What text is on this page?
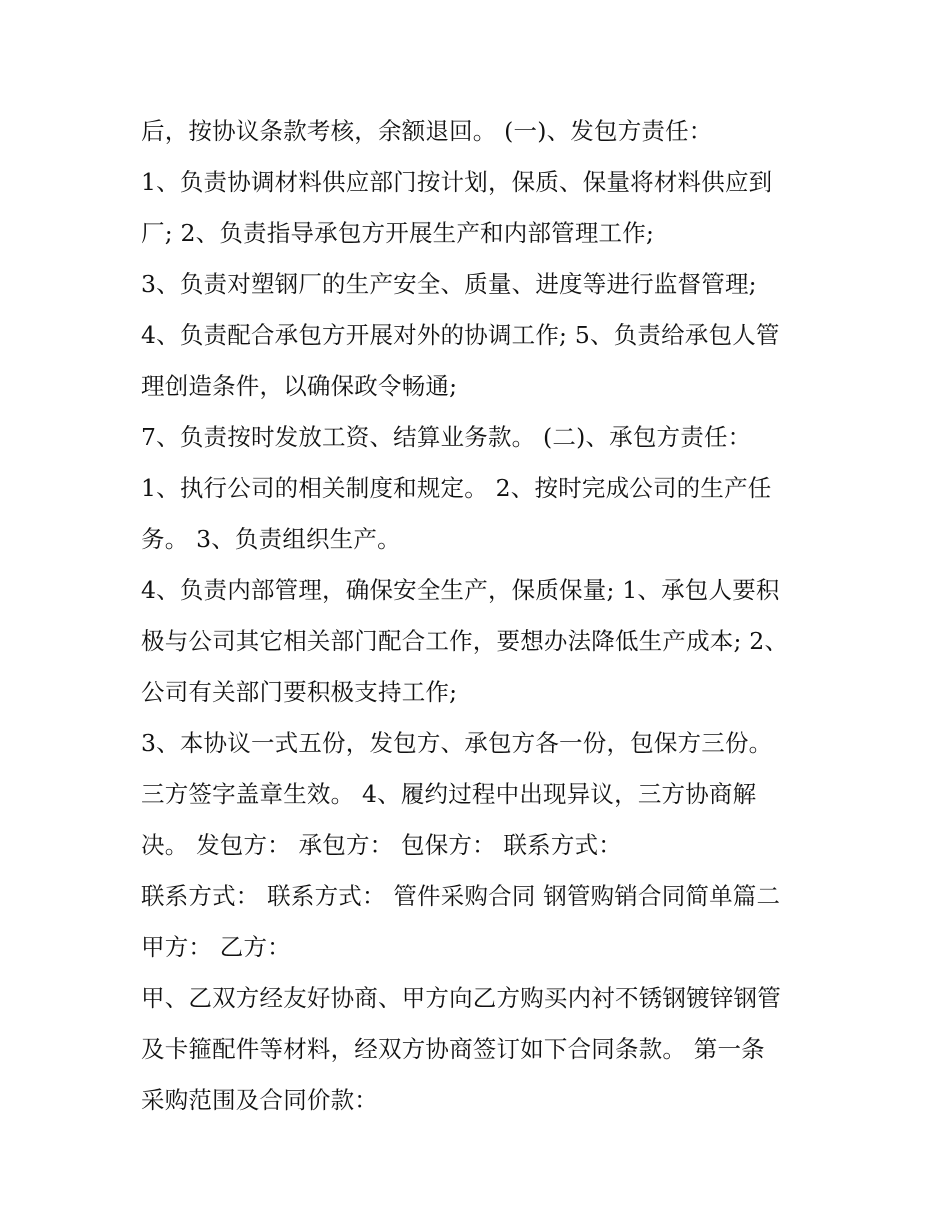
后，按协议条款考核，余额退回。 (一)、发包方责任：
1、负责协调材料供应部门按计划，保质、保量将材料供应到
厂; 2、负责指导承包方开展生产和内部管理工作;
3、负责对塑钢厂的生产安全、质量、进度等进行监督管理;
4、负责配合承包方开展对外的协调工作; 5、负责给承包人管
理创造条件，以确保政令畅通;
7、负责按时发放工资、结算业务款。 (二)、承包方责任：
1、执行公司的相关制度和规定。 2、按时完成公司的生产任
务。 3、负责组织生产。
4、负责内部管理，确保安全生产，保质保量; 1、承包人要积
极与公司其它相关部门配合工作，要想办法降低生产成本; 2、
公司有关部门要积极支持工作;
3、本协议一式五份，发包方、承包方各一份，包保方三份。
三方签字盖章生效。 4、履约过程中出现异议，三方协商解
决。 发包方： 承包方： 包保方： 联系方式：
联系方式： 联系方式： 管件采购合同 钢管购销合同简单篇二
甲方： 乙方：
甲、乙双方经友好协商、甲方向乙方购买内衬不锈钢镀锌钢管
及卡箍配件等材料，经双方协商签订如下合同条款。 第一条
采购范围及合同价款：
